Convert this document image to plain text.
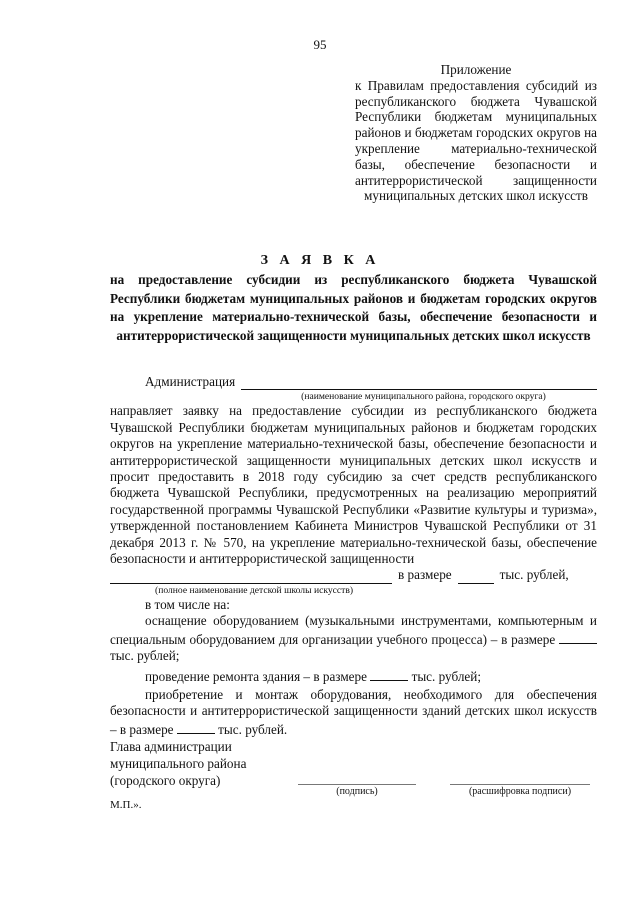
95
Приложение
к Правилам предоставления субсидий из республиканского бюджета Чувашской Республики бюджетам муниципальных районов и бюджетам городских округов на укрепление материально-технической базы, обеспечение безопасности и антитеррористической защищенности муниципальных детских школ искусств
З А Я В К А
на предоставление субсидии из республиканского бюджета Чувашской Республики бюджетам муниципальных районов и бюджетам городских округов на укрепление материально-технической базы, обеспечение безопасности и антитеррористической защищенности муниципальных детских школ искусств
Администрация
(наименование муниципального района, городского округа)

направляет заявку на предоставление субсидии из республиканского бюджета Чувашской Республики бюджетам муниципальных районов и бюджетам городских округов на укрепление материально-технической базы, обеспечение безопасности и антитеррористической защищенности муниципальных детских школ искусств и просит предоставить в 2018 году субсидию за счет средств республиканского бюджета Чувашской Республики, предусмотренных на реализацию мероприятий государственной программы Чувашской Республики «Развитие культуры и туризма», утвержденной постановлением Кабинета Министров Чувашской Республики от 31 декабря 2013 г. № 570, на укрепление материально-технической базы, обеспечение безопасности и антитеррористической защищенности

в размере	тыс. рублей,
(полное наименование детской школы искусств)
в том числе на:

оснащение оборудованием (музыкальными инструментами, компьютерным и специальным оборудованием для организации учебного процесса) – в размере  тыс. рублей;

проведение ремонта здания – в размере	тыс. рублей;

приобретение и монтаж оборудования, необходимого для обеспечения безопасности и антитеррористической защищенности зданий детских школ искусств – в размере	тыс. рублей.

Глава администрации
муниципального района
(городского округа)
(подпись)	(расшифровка подписи)
М.П.».
